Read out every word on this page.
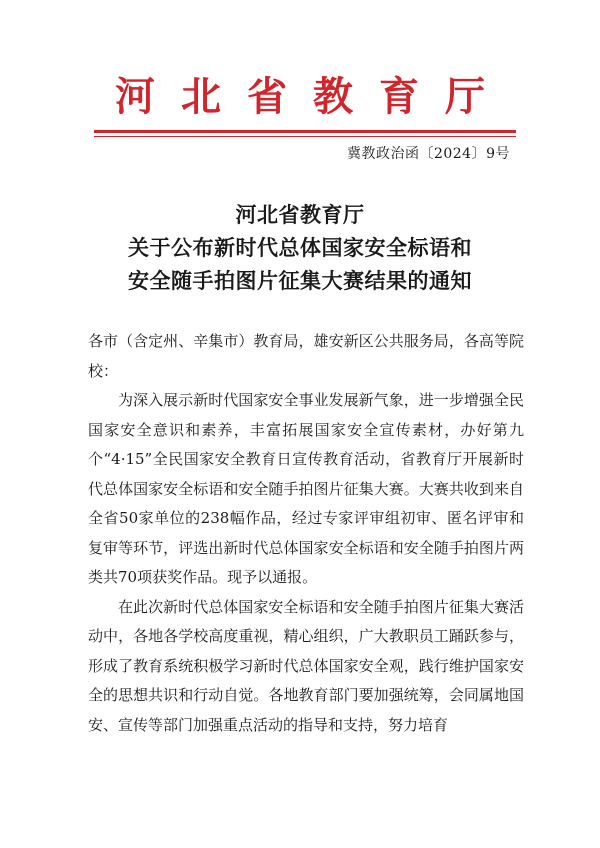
河北省教育厅
冀教政治函〔2024〕9号
河北省教育厅
关于公布新时代总体国家安全标语和
安全随手拍图片征集大赛结果的通知

各市（含定州、辛集市）教育局，雄安新区公共服务局，各高等院校：

为深入展示新时代国家安全事业发展新气象，进一步增强全民国家安全意识和素养，丰富拓展国家安全宣传素材，办好第九个“4·15”全民国家安全教育日宣传教育活动，省教育厅开展新时代总体国家安全标语和安全随手拍图片征集大赛。大赛共收到来自全省50家单位的238幅作品，经过专家评审组初审、匿名评审和复审等环节，评选出新时代总体国家安全标语和安全随手拍图片两类共70项获奖作品。现予以通报。

在此次新时代总体国家安全标语和安全随手拍图片征集大赛活动中，各地各学校高度重视，精心组织，广大教职员工踊跃参与，形成了教育系统积极学习新时代总体国家安全观，践行维护国家安全的思想共识和行动自觉。各地教育部门要加强统筹，会同属地国安、宣传等部门加强重点活动的指导和支持，努力培育
